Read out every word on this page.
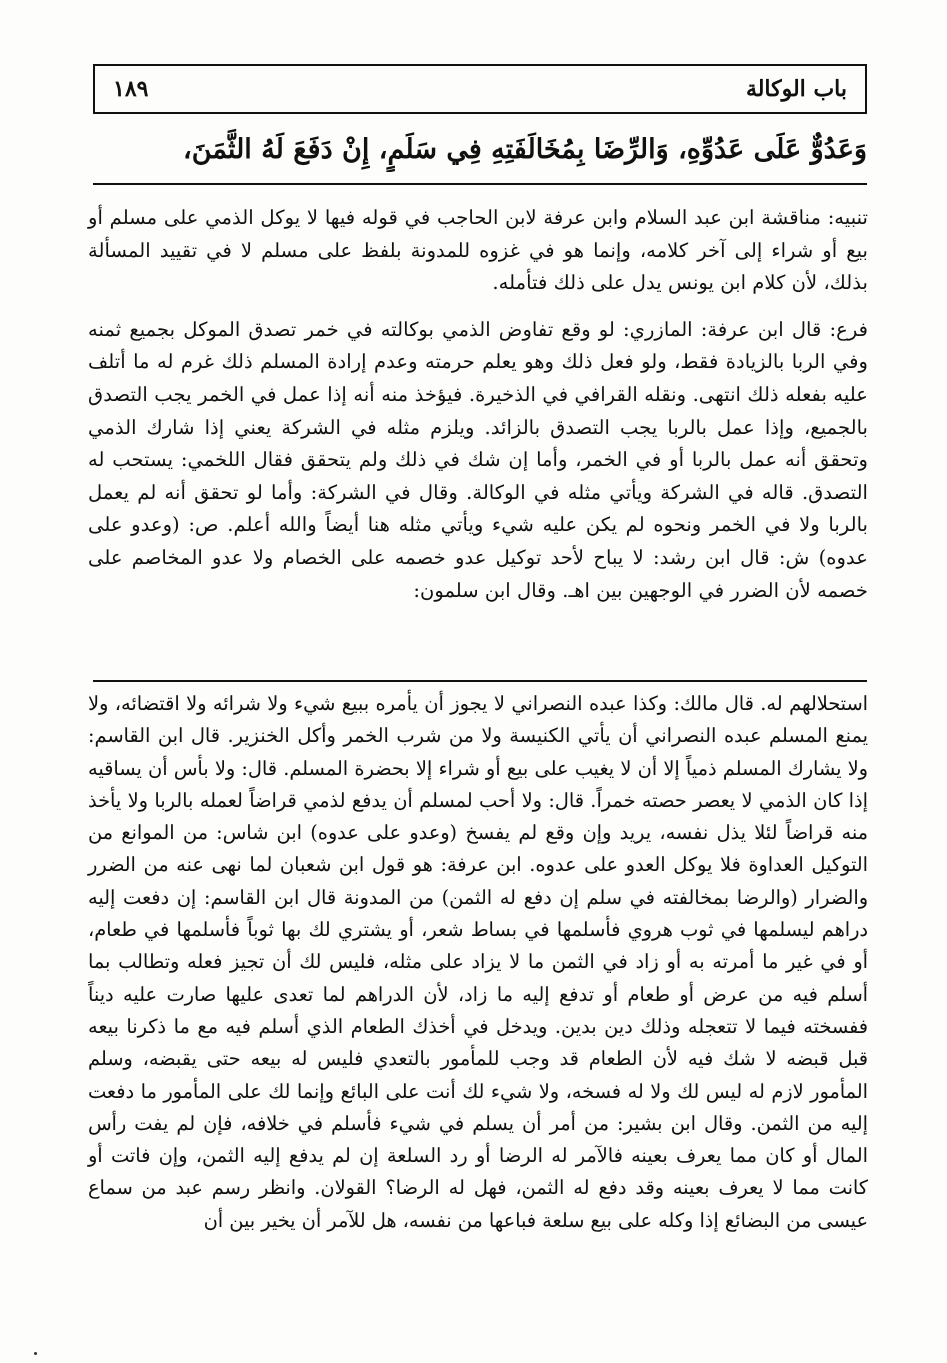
باب الوكالة
١٨٩
وَعَدُوٌّ عَلَى عَدُوِّهِ، وَالرِّضَا بِمُخَالَفَتِهِ فِي سَلَمٍ، إِنْ دَفَعَ لَهُ الثَّمَنَ،

تنبيه: مناقشة ابن عبد السلام وابن عرفة لابن الحاجب في قوله فيها لا يوكل الذمي على مسلم أو بيع أو شراء إلى آخر كلامه، وإنما هو في غزوه للمدونة بلفظ على مسلم لا في تقييد المسألة بذلك، لأن كلام ابن يونس يدل على ذلك فتأمله.

فرع: قال ابن عرفة: المازري: لو وقع تفاوض الذمي بوكالته في خمر تصدق الموكل بجميع ثمنه وفي الربا بالزيادة فقط، ولو فعل ذلك وهو يعلم حرمته وعدم إرادة المسلم ذلك غرم له ما أتلف عليه بفعله ذلك انتهى. ونقله القرافي في الذخيرة. فيؤخذ منه أنه إذا عمل في الخمر يجب التصدق بالجميع، وإذا عمل بالربا يجب التصدق بالزائد. ويلزم مثله في الشركة يعني إذا شارك الذمي وتحقق أنه عمل بالربا أو في الخمر، وأما إن شك في ذلك ولم يتحقق فقال اللخمي: يستحب له التصدق. قاله في الشركة ويأتي مثله في الوكالة. وقال في الشركة: وأما لو تحقق أنه لم يعمل بالربا ولا في الخمر ونحوه لم يكن عليه شيء ويأتي مثله هنا أيضاً والله أعلم. ص: (وعدو على عدوه) ش: قال ابن رشد: لا يباح لأحد توكيل عدو خصمه على الخصام ولا عدو المخاصم على خصمه لأن الضرر في الوجهين بين اهـ. وقال ابن سلمون:

استحلالهم له. قال مالك: وكذا عبده النصراني لا يجوز أن يأمره ببيع شيء ولا شرائه ولا اقتضائه، ولا يمنع المسلم عبده النصراني أن يأتي الكنيسة ولا من شرب الخمر وأكل الخنزير. قال ابن القاسم: ولا يشارك المسلم ذمياً إلا أن لا يغيب على بيع أو شراء إلا بحضرة المسلم. قال: ولا بأس أن يساقيه إذا كان الذمي لا يعصر حصته خمراً. قال: ولا أحب لمسلم أن يدفع لذمي قراضاً لعمله بالربا ولا يأخذ منه قراضاً لئلا يذل نفسه، يريد وإن وقع لم يفسخ (وعدو على عدوه) ابن شاس: من الموانع من التوكيل العداوة فلا يوكل العدو على عدوه. ابن عرفة: هو قول ابن شعبان لما نهى عنه من الضرر والضرار (والرضا بمخالفته في سلم إن دفع له الثمن) من المدونة قال ابن القاسم: إن دفعت إليه دراهم ليسلمها في ثوب هروي فأسلمها في بساط شعر، أو يشتري لك بها ثوباً فأسلمها في طعام، أو في غير ما أمرته به أو زاد في الثمن ما لا يزاد على مثله، فليس لك أن تجيز فعله وتطالب بما أسلم فيه من عرض أو طعام أو تدفع إليه ما زاد، لأن الدراهم لما تعدى عليها صارت عليه ديناً ففسخته فيما لا تتعجله وذلك دين بدين. ويدخل في أخذك الطعام الذي أسلم فيه مع ما ذكرنا بيعه قبل قبضه لا شك فيه لأن الطعام قد وجب للمأمور بالتعدي فليس له بيعه حتى يقبضه، وسلم المأمور لازم له ليس لك ولا له فسخه، ولا شيء لك أنت على البائع وإنما لك على المأمور ما دفعت إليه من الثمن. وقال ابن بشير: من أمر أن يسلم في شيء فأسلم في خلافه، فإن لم يفت رأس المال أو كان مما يعرف بعينه فالآمر له الرضا أو رد السلعة إن لم يدفع إليه الثمن، وإن فاتت أو كانت مما لا يعرف بعينه وقد دفع له الثمن، فهل له الرضا؟ القولان. وانظر رسم عبد من سماع عيسى من البضائع إذا وكله على بيع سلعة فباعها من نفسه، هل للآمر أن يخير بين أن
